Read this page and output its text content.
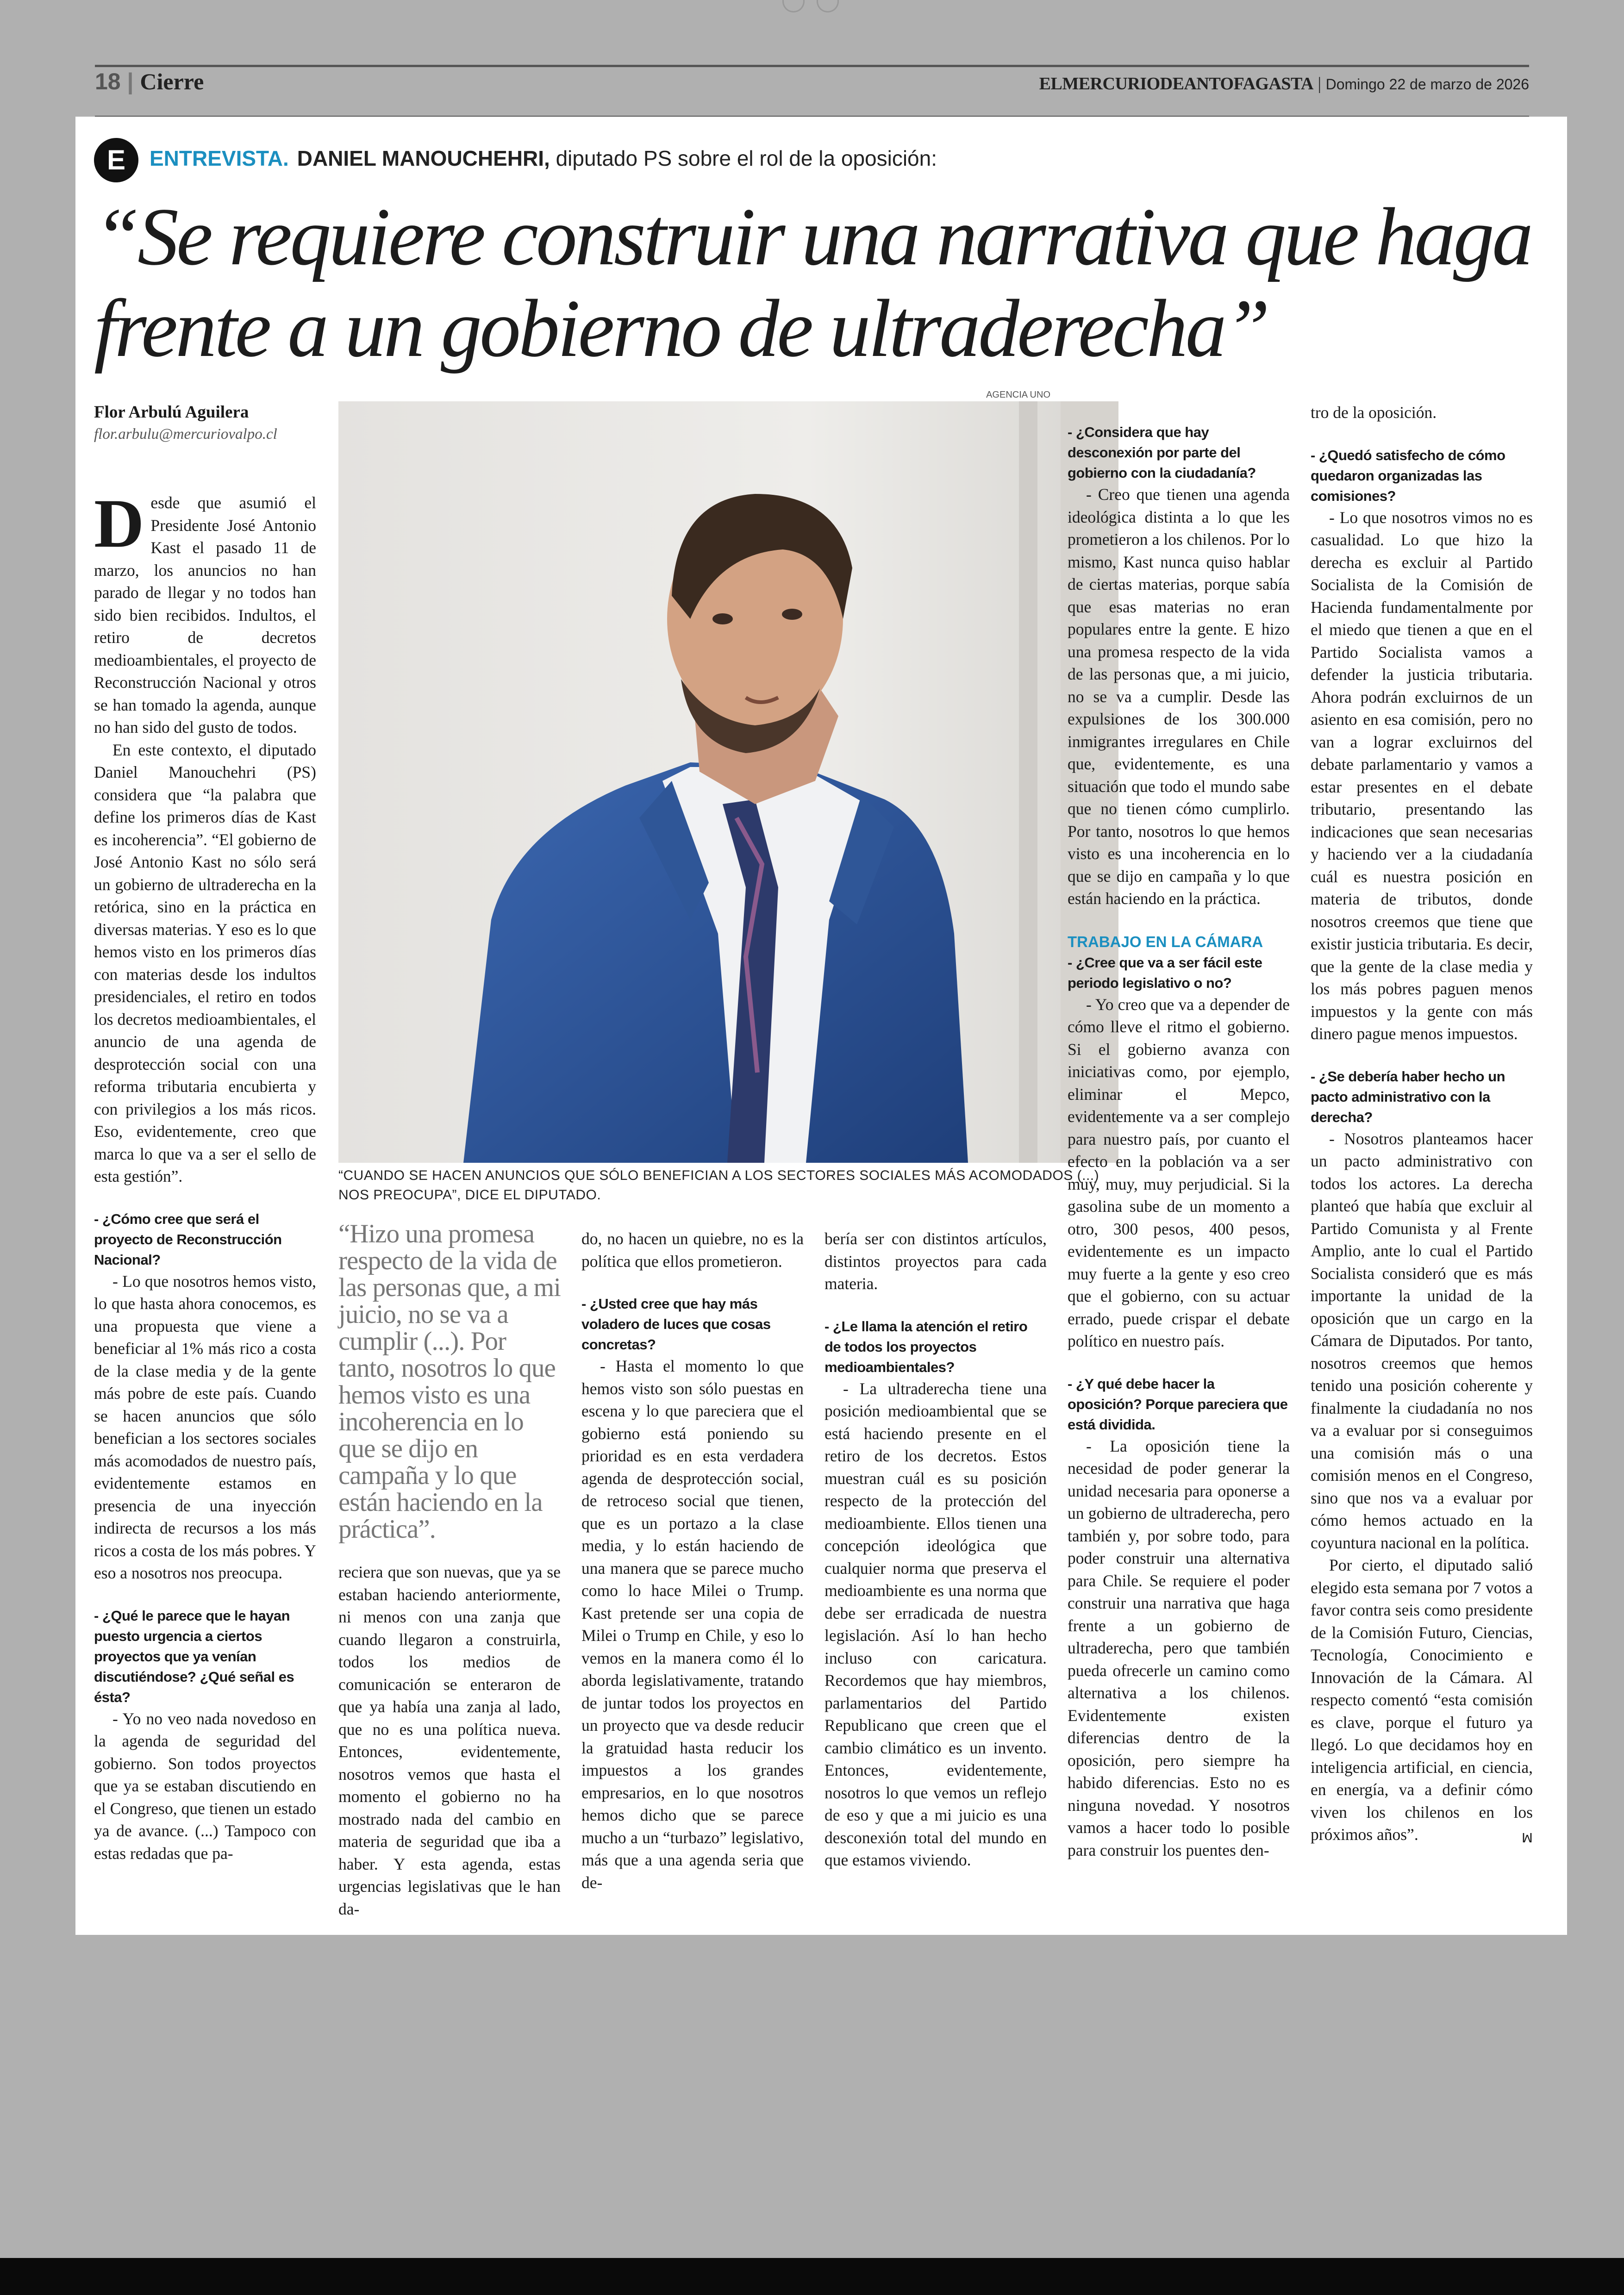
18 | Cierre	ELMERCURIODEANTOFAGASTA | Domingo 22 de marzo de 2026
E ENTREVISTA. DANIEL MANOUCHEHRI, diputado PS sobre el rol de la oposición:
“Se requiere construir una narrativa que haga frente a un gobierno de ultraderecha”
Flor Arbulú Aguilera
flor.arbulu@mercuriovalpo.cl
AGENCIA UNO
“CUANDO SE HACEN ANUNCIOS QUE SÓLO BENEFICIAN A LOS SECTORES SOCIALES MÁS ACOMODADOS (...) NOS PREOCUPA”, DICE EL DIPUTADO.

Desde que asumió el Presidente José Antonio Kast el pasado 11 de marzo, los anuncios no han parado de llegar y no todos han sido bien recibidos. Indultos, el retiro de decretos medioambientales, el proyecto de Reconstrucción Nacional y otros se han tomado la agenda, aunque no han sido del gusto de todos.

En este contexto, el diputado Daniel Manouchehri (PS) considera que “la palabra que define los primeros días de Kast es incoherencia”. “El gobierno de José Antonio Kast no sólo será un gobierno de ultraderecha en la retórica, sino en la práctica en diversas materias. Y eso es lo que hemos visto en los primeros días con materias desde los indultos presidenciales, el retiro en todos los decretos medioambientales, el anuncio de una agenda de desprotección social con una reforma tributaria encubierta y con privilegios a los más ricos. Eso, evidentemente, creo que marca lo que va a ser el sello de esta gestión”.

- ¿Cómo cree que será el proyecto de Reconstrucción Nacional?

- Lo que nosotros hemos visto, lo que hasta ahora conocemos, es una propuesta que viene a beneficiar al 1% más rico a costa de la clase media y de la gente más pobre de este país. Cuando se hacen anuncios que sólo benefician a los sectores sociales más acomodados de nuestro país, evidentemente estamos en presencia de una inyección indirecta de recursos a los más ricos a costa de los más pobres. Y eso a nosotros nos preocupa.

- ¿Qué le parece que le hayan puesto urgencia a ciertos proyectos que ya venían discutiéndose? ¿Qué señal es ésta?

- Yo no veo nada novedoso en la agenda de seguridad del gobierno. Son todos proyectos que ya se estaban discutiendo en el Congreso, que tienen un estado ya de avance. (...) Tampoco con estas redadas que pa-

“Hizo una promesa respecto de la vida de las personas que, a mi juicio, no se va a cumplir (...). Por tanto, nosotros lo que hemos visto es una incoherencia en lo que se dijo en campaña y lo que están haciendo en la práctica”.

reciera que son nuevas, que ya se estaban haciendo anteriormente, ni menos con una zanja que cuando llegaron a construirla, todos los medios de comunicación se enteraron de que ya había una zanja al lado, que no es una política nueva. Entonces, evidentemente, nosotros vemos que hasta el momento el gobierno no ha mostrado nada del cambio en materia de seguridad que iba a haber. Y esta agenda, estas urgencias legislativas que le han da-

do, no hacen un quiebre, no es la política que ellos prometieron.

- ¿Usted cree que hay más voladero de luces que cosas concretas?

- Hasta el momento lo que hemos visto son sólo puestas en escena y lo que pareciera que el gobierno está poniendo su prioridad es en esta verdadera agenda de desprotección social, de retroceso social que tienen, que es un portazo a la clase media, y lo están haciendo de una manera que se parece mucho como lo hace Milei o Trump. Kast pretende ser una copia de Milei o Trump en Chile, y eso lo vemos en la manera como él lo aborda legislativamente, tratando de juntar todos los proyectos en un proyecto que va desde reducir la gratuidad hasta reducir los impuestos a los grandes empresarios, en lo que nosotros hemos dicho que se parece mucho a un “turbazo” legislativo, más que a una agenda seria que de-

bería ser con distintos artículos, distintos proyectos para cada materia.

- ¿Le llama la atención el retiro de todos los proyectos medioambientales?

- La ultraderecha tiene una posición medioambiental que se está haciendo presente en el retiro de los decretos. Estos muestran cuál es su posición respecto de la protección del medioambiente. Ellos tienen una concepción ideológica que cualquier norma que preserva el medioambiente es una norma que debe ser erradicada de nuestra legislación. Así lo han hecho incluso con caricatura. Recordemos que hay miembros, parlamentarios del Partido Republicano que creen que el cambio climático es un invento. Entonces, evidentemente, nosotros lo que vemos un reflejo de eso y que a mi juicio es una desconexión total del mundo en que estamos viviendo.

- ¿Considera que hay desconexión por parte del gobierno con la ciudadanía?

- Creo que tienen una agenda ideológica distinta a lo que les prometieron a los chilenos. Por lo mismo, Kast nunca quiso hablar de ciertas materias, porque sabía que esas materias no eran populares entre la gente. E hizo una promesa respecto de la vida de las personas que, a mi juicio, no se va a cumplir. Desde las expulsiones de los 300.000 inmigrantes irregulares en Chile que, evidentemente, es una situación que todo el mundo sabe que no tienen cómo cumplirlo. Por tanto, nosotros lo que hemos visto es una incoherencia en lo que se dijo en campaña y lo que están haciendo en la práctica.

TRABAJO EN LA CÁMARA

- ¿Cree que va a ser fácil este periodo legislativo o no?

- Yo creo que va a depender de cómo lleve el ritmo el gobierno. Si el gobierno avanza con iniciativas como, por ejemplo, eliminar el Mepco, evidentemente va a ser complejo para nuestro país, por cuanto el efecto en la población va a ser muy, muy, muy perjudicial. Si la gasolina sube de un momento a otro, 300 pesos, 400 pesos, evidentemente es un impacto muy fuerte a la gente y eso creo que el gobierno, con su actuar errado, puede crispar el debate político en nuestro país.

- ¿Y qué debe hacer la oposición? Porque pareciera que está dividida.

- La oposición tiene la necesidad de poder generar la unidad necesaria para oponerse a un gobierno de ultraderecha, pero también y, por sobre todo, para poder construir una alternativa para Chile. Se requiere el poder construir una narrativa que haga frente a un gobierno de ultraderecha, pero que también pueda ofrecerle un camino como alternativa a los chilenos. Evidentemente existen diferencias dentro de la oposición, pero siempre ha habido diferencias. Esto no es ninguna novedad. Y nosotros vamos a hacer todo lo posible para construir los puentes den-

tro de la oposición.

- ¿Quedó satisfecho de cómo quedaron organizadas las comisiones?

- Lo que nosotros vimos no es casualidad. Lo que hizo la derecha es excluir al Partido Socialista de la Comisión de Hacienda fundamentalmente por el miedo que tienen a que en el Partido Socialista vamos a defender la justicia tributaria. Ahora podrán excluirnos de un asiento en esa comisión, pero no van a lograr excluirnos del debate parlamentario y vamos a estar presentes en el debate tributario, presentando las indicaciones que sean necesarias y haciendo ver a la ciudadanía cuál es nuestra posición en materia de tributos, donde nosotros creemos que tiene que existir justicia tributaria. Es decir, que la gente de la clase media y los más pobres paguen menos impuestos y la gente con más dinero pague menos impuestos.

- ¿Se debería haber hecho un pacto administrativo con la derecha?

- Nosotros planteamos hacer un pacto administrativo con todos los actores. La derecha planteó que había que excluir al Partido Comunista y al Frente Amplio, ante lo cual el Partido Socialista consideró que es más importante la unidad de la oposición que un cargo en la Cámara de Diputados. Por tanto, nosotros creemos que hemos tenido una posición coherente y finalmente la ciudadanía no nos va a evaluar por si conseguimos una comisión más o una comisión menos en el Congreso, sino que nos va a evaluar por cómo hemos actuado en la coyuntura nacional en la política.

Por cierto, el diputado salió elegido esta semana por 7 votos a favor contra seis como presidente de la Comisión Futuro, Ciencias, Tecnología, Conocimiento e Innovación de la Cámara. Al respecto comentó “esta comisión es clave, porque el futuro ya llegó. Lo que decidamos hoy en inteligencia artificial, en ciencia, en energía, va a definir cómo viven los chilenos en los próximos años”.	ꟽ
